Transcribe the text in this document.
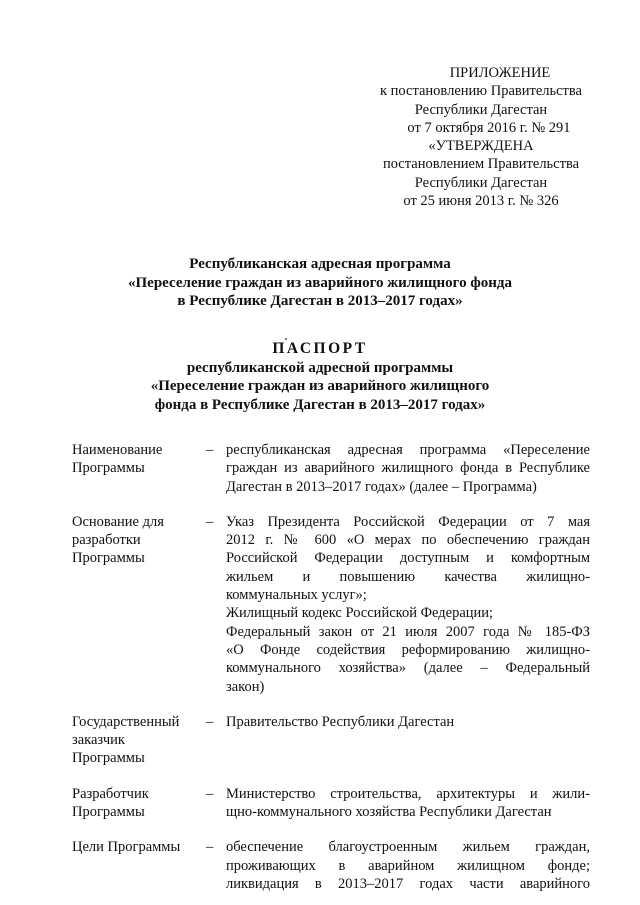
ПРИЛОЖЕНИЕ
к постановлению Правительства
Республики Дагестан
от 7 октября 2016 г. № 291
«УТВЕРЖДЕНА
постановлением Правительства
Республики Дагестан
от 25 июня 2013 г. № 326
Республиканская адресная программа
«Переселение граждан из аварийного жилищного фонда
в Республике Дагестан в 2013–2017 годах»
ПАСПОРТ
республиканской адресной программы
«Переселение граждан из аварийного жилищного
фонда в Республике Дагестан в 2013–2017 годах»
Наименование
Программы
– республиканская адресная программа «Переселение
граждан из аварийного жилищного фонда в Республике
Дагестан в 2013–2017 годах» (далее – Программа)
Основание для
разработки
Программы
– Указ Президента Российской Федерации от 7 мая
2012 г. № 600 «О мерах по обеспечению граждан
Российской Федерации доступным и комфортным
жильем и повышению качества жилищно-
коммунальных услуг»;
Жилищный кодекс Российской Федерации;
Федеральный закон от 21 июля 2007 года № 185-ФЗ
«О Фонде содействия реформированию жилищно-
коммунального хозяйства» (далее – Федеральный
закон)
Государственный
заказчик
Программы
– Правительство Республики Дагестан
Разработчик
Программы
– Министерство строительства, архитектуры и жили-
щно-коммунального хозяйства Республики Дагестан
Цели Программы	– обеспечение благоустроенным жильем граждан,
проживающих в аварийном жилищном фонде;
ликвидация в 2013–2017 годах части аварийного
